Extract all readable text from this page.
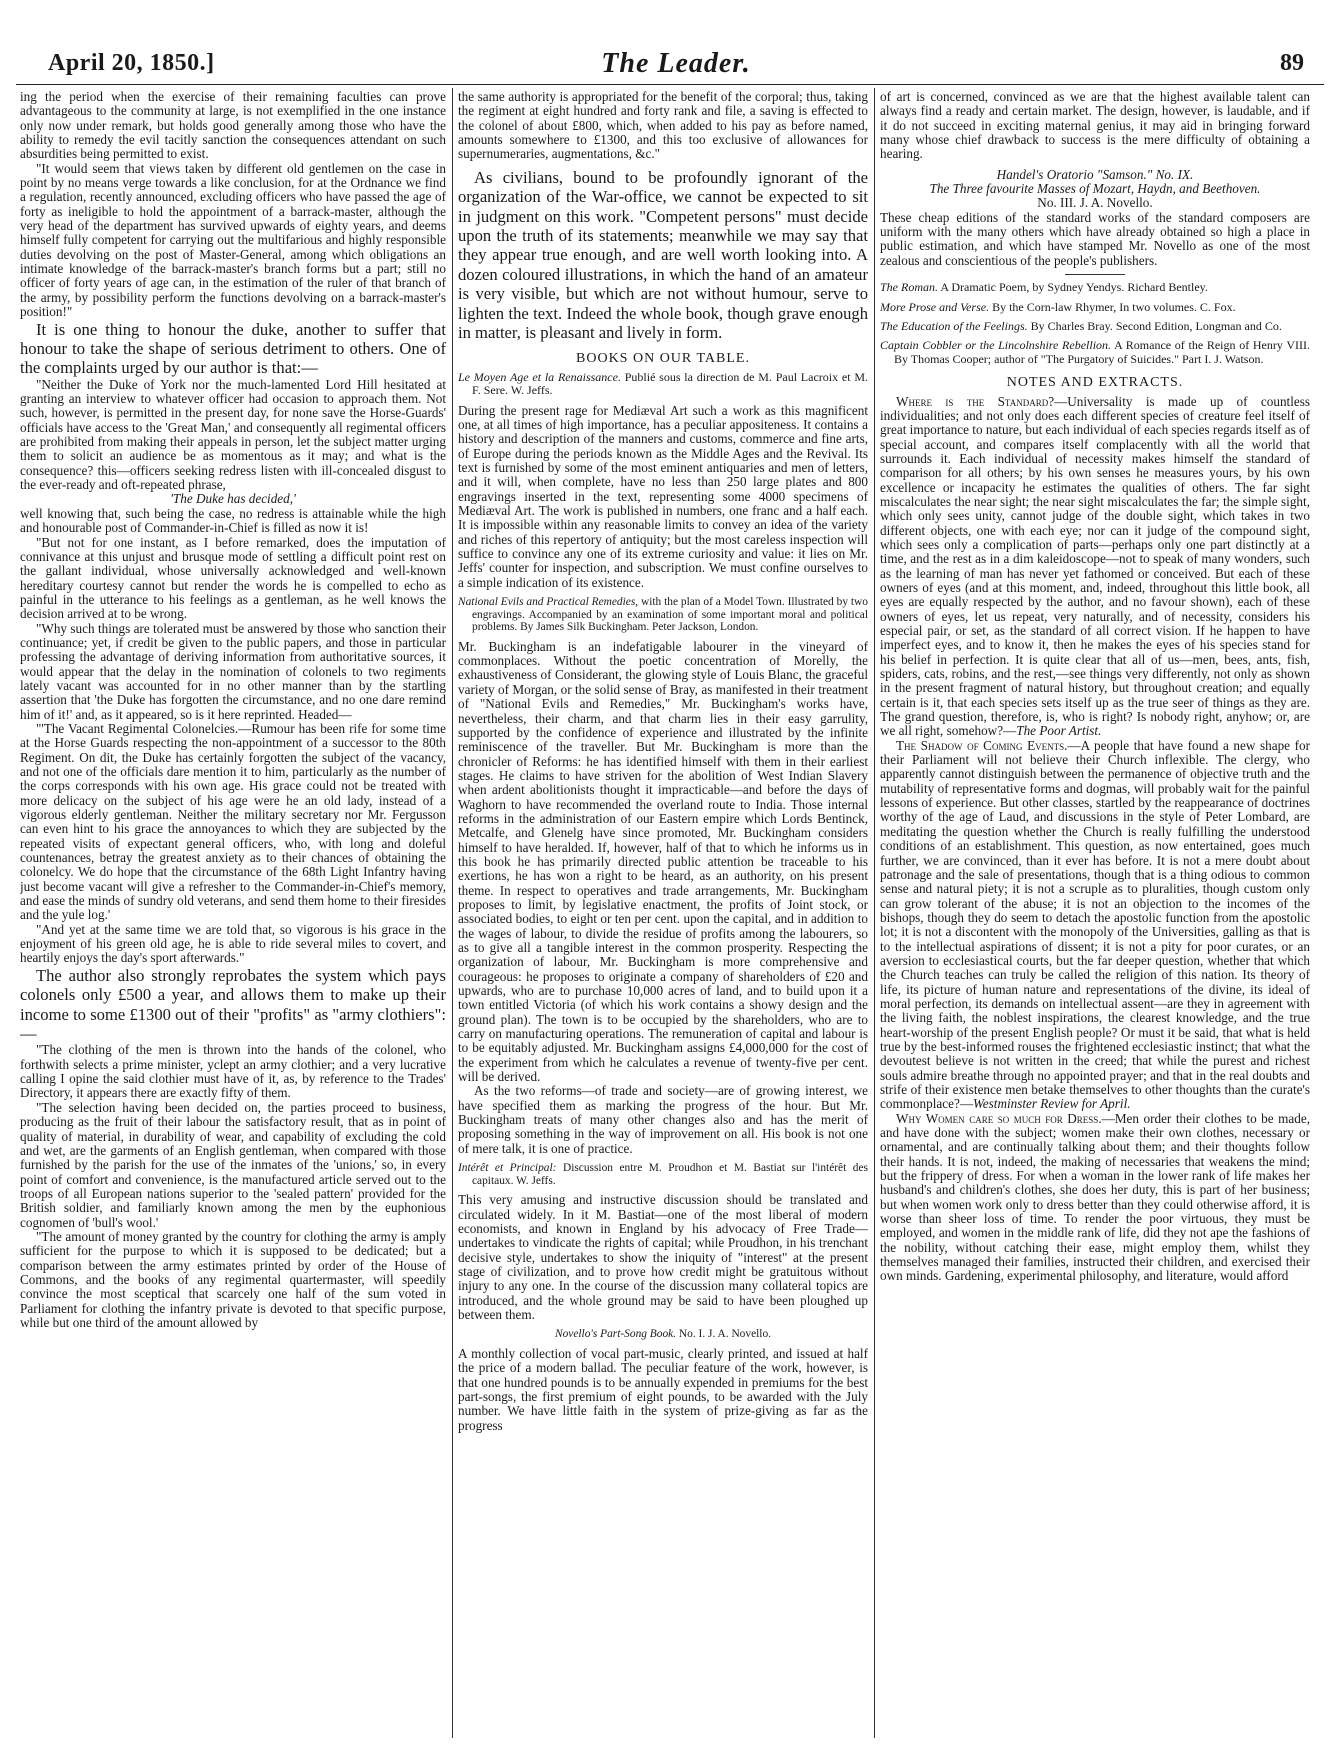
April 20, 1850.]	The Leader.	89

ing the period when the exercise of their remaining faculties can prove advantageous to the community at large, is not exemplified in the one instance only now under remark, but holds good generally among those who have the ability to remedy the evil tacitly sanction the consequences attendant on such absurdities being permitted to exist.

"It would seem that views taken by different old gentlemen on the case in point by no means verge towards a like conclusion, for at the Ordnance we find a regulation, recently announced, excluding officers who have passed the age of forty as ineligible to hold the appointment of a barrack-master, although the very head of the department has survived upwards of eighty years, and deems himself fully competent for carrying out the multifarious and highly responsible duties devolving on the post of Master-General, among which obligations an intimate knowledge of the barrack-master's branch forms but a part; still no officer of forty years of age can, in the estimation of the ruler of that branch of the army, by possibility perform the functions devolving on a barrack-master's position!"

It is one thing to honour the duke, another to suffer that honour to take the shape of serious detriment to others. One of the complaints urged by our author is that:—

"Neither the Duke of York nor the much-lamented Lord Hill hesitated at granting an interview to whatever officer had occasion to approach them. Not such, however, is permitted in the present day, for none save the Horse-Guards' officials have access to the 'Great Man,' and consequently all regimental officers are prohibited from making their appeals in person, let the subject matter urging them to solicit an audience be as momentous as it may; and what is the consequence? this—officers seeking redress listen with ill-concealed disgust to the ever-ready and oft-repeated phrase,

'The Duke has decided,'

well knowing that, such being the case, no redress is attainable while the high and honourable post of Commander-in-Chief is filled as now it is!

"But not for one instant, as I before remarked, does the imputation of connivance at this unjust and brusque mode of settling a difficult point rest on the gallant individual, whose universally acknowledged and well-known hereditary courtesy cannot but render the words he is compelled to echo as painful in the utterance to his feelings as a gentleman, as he well knows the decision arrived at to be wrong.

"Why such things are tolerated must be answered by those who sanction their continuance; yet, if credit be given to the public papers, and those in particular professing the advantage of deriving information from authoritative sources, it would appear that the delay in the nomination of colonels to two regiments lately vacant was accounted for in no other manner than by the startling assertion that 'the Duke has forgotten the circumstance, and no one dare remind him of it!' and, as it appeared, so is it here reprinted. Headed—

"'The Vacant Regimental Colonelcies.—Rumour has been rife for some time at the Horse Guards respecting the non-appointment of a successor to the 80th Regiment. On dit, the Duke has certainly forgotten the subject of the vacancy, and not one of the officials dare mention it to him, particularly as the number of the corps corresponds with his own age. His grace could not be treated with more delicacy on the subject of his age were he an old lady, instead of a vigorous elderly gentleman. Neither the military secretary nor Mr. Fergusson can even hint to his grace the annoyances to which they are subjected by the repeated visits of expectant general officers, who, with long and doleful countenances, betray the greatest anxiety as to their chances of obtaining the colonelcy. We do hope that the circumstance of the 68th Light Infantry having just become vacant will give a refresher to the Commander-in-Chief's memory, and ease the minds of sundry old veterans, and send them home to their firesides and the yule log.'

"And yet at the same time we are told that, so vigorous is his grace in the enjoyment of his green old age, he is able to ride several miles to covert, and heartily enjoys the day's sport afterwards."

The author also strongly reprobates the system which pays colonels only £500 a year, and allows them to make up their income to some £1300 out of their "profits" as "army clothiers":—

"The clothing of the men is thrown into the hands of the colonel, who forthwith selects a prime minister, yclept an army clothier; and a very lucrative calling I opine the said clothier must have of it, as, by reference to the Trades' Directory, it appears there are exactly fifty of them.

"The selection having been decided on, the parties proceed to business, producing as the fruit of their labour the satisfactory result, that as in point of quality of material, in durability of wear, and capability of excluding the cold and wet, are the garments of an English gentleman, when compared with those furnished by the parish for the use of the inmates of the 'unions,' so, in every point of comfort and convenience, is the manufactured article served out to the troops of all European nations superior to the 'sealed pattern' provided for the British soldier, and familiarly known among the men by the euphonious cognomen of 'bull's wool.'

"The amount of money granted by the country for clothing the army is amply sufficient for the purpose to which it is supposed to be dedicated; but a comparison between the army estimates printed by order of the House of Commons, and the books of any regimental quartermaster, will speedily convince the most sceptical that scarcely one half of the sum voted in Parliament for clothing the infantry private is devoted to that specific purpose, while but one third of the amount allowed by

the same authority is appropriated for the benefit of the corporal; thus, taking the regiment at eight hundred and forty rank and file, a saving is effected to the colonel of about £800, which, when added to his pay as before named, amounts somewhere to £1300, and this too exclusive of allowances for supernumeraries, augmentations, &c."

As civilians, bound to be profoundly ignorant of the organization of the War-office, we cannot be expected to sit in judgment on this work. "Competent persons" must decide upon the truth of its statements; meanwhile we may say that they appear true enough, and are well worth looking into. A dozen coloured illustrations, in which the hand of an amateur is very visible, but which are not without humour, serve to lighten the text. Indeed the whole book, though grave enough in matter, is pleasant and lively in form.

BOOKS ON OUR TABLE.

Le Moyen Age et la Renaissance. Publié sous la direction de M. Paul Lacroix et M. F. Sere. W. Jeffs.

During the present rage for Mediæval Art such a work as this magnificent one, at all times of high importance, has a peculiar appositeness. It contains a history and description of the manners and customs, commerce and fine arts, of Europe during the periods known as the Middle Ages and the Revival. Its text is furnished by some of the most eminent antiquaries and men of letters, and it will, when complete, have no less than 250 large plates and 800 engravings inserted in the text, representing some 4000 specimens of Mediæval Art. The work is published in numbers, one franc and a half each. It is impossible within any reasonable limits to convey an idea of the variety and riches of this repertory of antiquity; but the most careless inspection will suffice to convince any one of its extreme curiosity and value: it lies on Mr. Jeffs' counter for inspection, and subscription. We must confine ourselves to a simple indication of its existence.

National Evils and Practical Remedies, with the plan of a Model Town. Illustrated by two engravings. Accompanied by an examination of some important moral and political problems. By James Silk Buckingham. Peter Jackson, London.

Mr. Buckingham is an indefatigable labourer in the vineyard of commonplaces. Without the poetic concentration of Morelly, the exhaustiveness of Considerant, the glowing style of Louis Blanc, the graceful variety of Morgan, or the solid sense of Bray, as manifested in their treatment of "National Evils and Remedies," Mr. Buckingham's works have, nevertheless, their charm, and that charm lies in their easy garrulity, supported by the confidence of experience and illustrated by the infinite reminiscence of the traveller. But Mr. Buckingham is more than the chronicler of Reforms: he has identified himself with them in their earliest stages. He claims to have striven for the abolition of West Indian Slavery when ardent abolitionists thought it impracticable—and before the days of Waghorn to have recommended the overland route to India. Those internal reforms in the administration of our Eastern empire which Lords Bentinck, Metcalfe, and Glenelg have since promoted, Mr. Buckingham considers himself to have heralded. If, however, half of that to which he informs us in this book he has primarily directed public attention be traceable to his exertions, he has won a right to be heard, as an authority, on his present theme. In respect to operatives and trade arrangements, Mr. Buckingham proposes to limit, by legislative enactment, the profits of Joint stock, or associated bodies, to eight or ten per cent. upon the capital, and in addition to the wages of labour, to divide the residue of profits among the labourers, so as to give all a tangible interest in the common prosperity. Respecting the organization of labour, Mr. Buckingham is more comprehensive and courageous: he proposes to originate a company of shareholders of £20 and upwards, who are to purchase 10,000 acres of land, and to build upon it a town entitled Victoria (of which his work contains a showy design and the ground plan). The town is to be occupied by the shareholders, who are to carry on manufacturing operations. The remuneration of capital and labour is to be equitably adjusted. Mr. Buckingham assigns £4,000,000 for the cost of the experiment from which he calculates a revenue of twenty-five per cent. will be derived.

As the two reforms—of trade and society—are of growing interest, we have specified them as marking the progress of the hour. But Mr. Buckingham treats of many other changes also and has the merit of proposing something in the way of improvement on all. His book is not one of mere talk, it is one of practice.

Intérêt et Principal: Discussion entre M. Proudhon et M. Bastiat sur l'intérêt des capitaux. W. Jeffs.

This very amusing and instructive discussion should be translated and circulated widely. In it M. Bastiat—one of the most liberal of modern economists, and known in England by his advocacy of Free Trade—undertakes to vindicate the rights of capital; while Proudhon, in his trenchant decisive style, undertakes to show the iniquity of "interest" at the present stage of civilization, and to prove how credit might be gratuitous without injury to any one. In the course of the discussion many collateral topics are introduced, and the whole ground may be said to have been ploughed up between them.

Novello's Part-Song Book. No. I. J. A. Novello.

A monthly collection of vocal part-music, clearly printed, and issued at half the price of a modern ballad. The peculiar feature of the work, however, is that one hundred pounds is to be annually expended in premiums for the best part-songs, the first premium of eight pounds, to be awarded with the July number. We have little faith in the system of prize-giving as far as the progress

of art is concerned, convinced as we are that the highest available talent can always find a ready and certain market. The design, however, is laudable, and if it do not succeed in exciting maternal genius, it may aid in bringing forward many whose chief drawback to success is the mere difficulty of obtaining a hearing.

Handel's Oratorio "Samson." No. IX.

The Three favourite Masses of Mozart, Haydn, and Beethoven.

No. III. J. A. Novello.

These cheap editions of the standard works of the standard composers are uniform with the many others which have already obtained so high a place in public estimation, and which have stamped Mr. Novello as one of the most zealous and conscientious of the people's publishers.

The Roman. A Dramatic Poem, by Sydney Yendys. Richard Bentley.

More Prose and Verse. By the Corn-law Rhymer, In two volumes. C. Fox.

The Education of the Feelings. By Charles Bray. Second Edition, Longman and Co.

Captain Cobbler or the Lincolnshire Rebellion. A Romance of the Reign of Henry VIII. By Thomas Cooper; author of "The Purgatory of Suicides." Part I. J. Watson.

NOTES AND EXTRACTS.

Where is the Standard?—Universality is made up of countless individualities; and not only does each different species of creature feel itself of great importance to nature, but each individual of each species regards itself as of special account, and compares itself complacently with all the world that surrounds it. Each individual of necessity makes himself the standard of comparison for all others; by his own senses he measures yours, by his own excellence or incapacity he estimates the qualities of others. The far sight miscalculates the near sight; the near sight miscalculates the far; the simple sight, which only sees unity, cannot judge of the double sight, which takes in two different objects, one with each eye; nor can it judge of the compound sight, which sees only a complication of parts—perhaps only one part distinctly at a time, and the rest as in a dim kaleidoscope—not to speak of many wonders, such as the learning of man has never yet fathomed or conceived. But each of these owners of eyes (and at this moment, and, indeed, throughout this little book, all eyes are equally respected by the author, and no favour shown), each of these owners of eyes, let us repeat, very naturally, and of necessity, considers his especial pair, or set, as the standard of all correct vision. If he happen to have imperfect eyes, and to know it, then he makes the eyes of his species stand for his belief in perfection. It is quite clear that all of us—men, bees, ants, fish, spiders, cats, robins, and the rest,—see things very differently, not only as shown in the present fragment of natural history, but throughout creation; and equally certain is it, that each species sets itself up as the true seer of things as they are. The grand question, therefore, is, who is right? Is nobody right, anyhow; or, are we all right, somehow?—The Poor Artist.

The Shadow of Coming Events.—A people that have found a new shape for their Parliament will not believe their Church inflexible. The clergy, who apparently cannot distinguish between the permanence of objective truth and the mutability of representative forms and dogmas, will probably wait for the painful lessons of experience. But other classes, startled by the reappearance of doctrines worthy of the age of Laud, and discussions in the style of Peter Lombard, are meditating the question whether the Church is really fulfilling the understood conditions of an establishment. This question, as now entertained, goes much further, we are convinced, than it ever has before. It is not a mere doubt about patronage and the sale of presentations, though that is a thing odious to common sense and natural piety; it is not a scruple as to pluralities, though custom only can grow tolerant of the abuse; it is not an objection to the incomes of the bishops, though they do seem to detach the apostolic function from the apostolic lot; it is not a discontent with the monopoly of the Universities, galling as that is to the intellectual aspirations of dissent; it is not a pity for poor curates, or an aversion to ecclesiastical courts, but the far deeper question, whether that which the Church teaches can truly be called the religion of this nation. Its theory of life, its picture of human nature and representations of the divine, its ideal of moral perfection, its demands on intellectual assent—are they in agreement with the living faith, the noblest inspirations, the clearest knowledge, and the true heart-worship of the present English people? Or must it be said, that what is held true by the best-informed rouses the frightened ecclesiastic instinct; that what the devoutest believe is not written in the creed; that while the purest and richest souls admire breathe through no appointed prayer; and that in the real doubts and strife of their existence men betake themselves to other thoughts than the curate's commonplace?—Westminster Review for April.

Why Women care so much for Dress.—Men order their clothes to be made, and have done with the subject; women make their own clothes, necessary or ornamental, and are continually talking about them; and their thoughts follow their hands. It is not, indeed, the making of necessaries that weakens the mind; but the frippery of dress. For when a woman in the lower rank of life makes her husband's and children's clothes, she does her duty, this is part of her business; but when women work only to dress better than they could otherwise afford, it is worse than sheer loss of time. To render the poor virtuous, they must be employed, and women in the middle rank of life, did they not ape the fashions of the nobility, without catching their ease, might employ them, whilst they themselves managed their families, instructed their children, and exercised their own minds. Gardening, experimental philosophy, and literature, would afford
